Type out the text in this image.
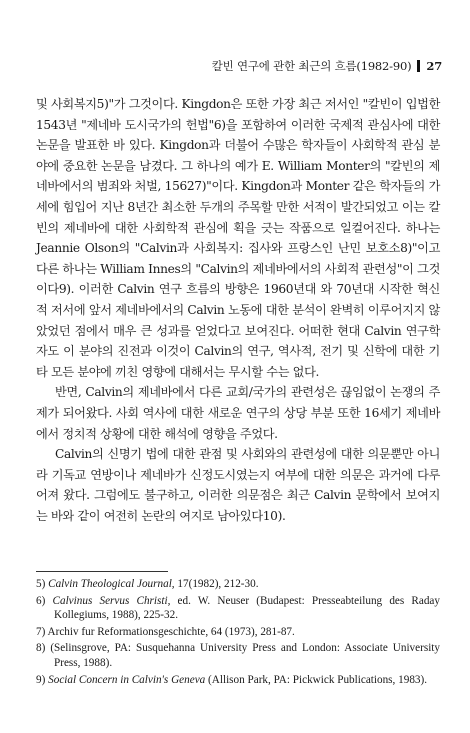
칼빈 연구에 관한 최근의 흐름(1982-90) 27

및 사회복지5)"가 그것이다. Kingdon은 또한 가장 최근 저서인 "칼빈이 입법한 1543년 "제네바 도시국가의 헌법"6)을 포함하여 이러한 국제적 관심사에 대한 논문을 발표한 바 있다. Kingdon과 더불어 수많은 학자들이 사회학적 관심 분야에 중요한 논문을 남겼다. 그 하나의 예가 E. William Monter의 "칼빈의 제네바에서의 범죄와 처벌, 15627)"이다. Kingdon과 Monter 같은 학자들의 가세에 힘입어 지난 8년간 최소한 두개의 주목할 만한 서적이 발간되었고 이는 칼빈의 제네바에 대한 사회학적 관심에 획을 긋는 작품으로 일컬어진다. 하나는 Jeannie Olson의 "Calvin과 사회복지: 집사와 프랑스인 난민 보호소8)"이고 다른 하나는 William Innes의 "Calvin의 제네바에서의 사회적 관련성"이 그것이다9). 이러한 Calvin 연구 흐름의 방향은 1960년대 와 70년대 시작한 혁신적 저서에 앞서 제네바에서의 Calvin 노동에 대한 분석이 완벽히 이루어지지 않았었던 점에서 매우 큰 성과를 얻었다고 보여진다. 어떠한 현대 Calvin 연구학자도 이 분야의 진전과 이것이 Calvin의 연구, 역사적, 전기 및 신학에 대한 기타 모든 분야에 끼친 영향에 대해서는 무시할 수는 없다.

반면, Calvin의 제네바에서 다른 교회/국가의 관련성은 끊임없이 논쟁의 주제가 되어왔다. 사회 역사에 대한 새로운 연구의 상당 부분 또한 16세기 제네바에서 정치적 상황에 대한 해석에 영향을 주었다.

Calvin의 신명기 법에 대한 관점 및 사회와의 관련성에 대한 의문뿐만 아니라 기독교 연방이나 제네바가 신정도시였는지 여부에 대한 의문은 과거에 다루어져 왔다. 그럼에도 불구하고, 이러한 의문점은 최근 Calvin 문학에서 보여지는 바와 같이 여전히 논란의 여지로 남아있다10).

5) Calvin Theological Journal, 17(1982), 212-30.
6) Calvinus Servus Christi, ed. W. Neuser (Budapest: Presseabteilung des Raday Kollegiums, 1988), 225-32.
7) Archiv fur Reformationsgeschichte, 64 (1973), 281-87.
8) (Selinsgrove, PA: Susquehanna University Press and London: Associate University Press, 1988).
9) Social Concern in Calvin's Geneva (Allison Park, PA: Pickwick Publications, 1983).
